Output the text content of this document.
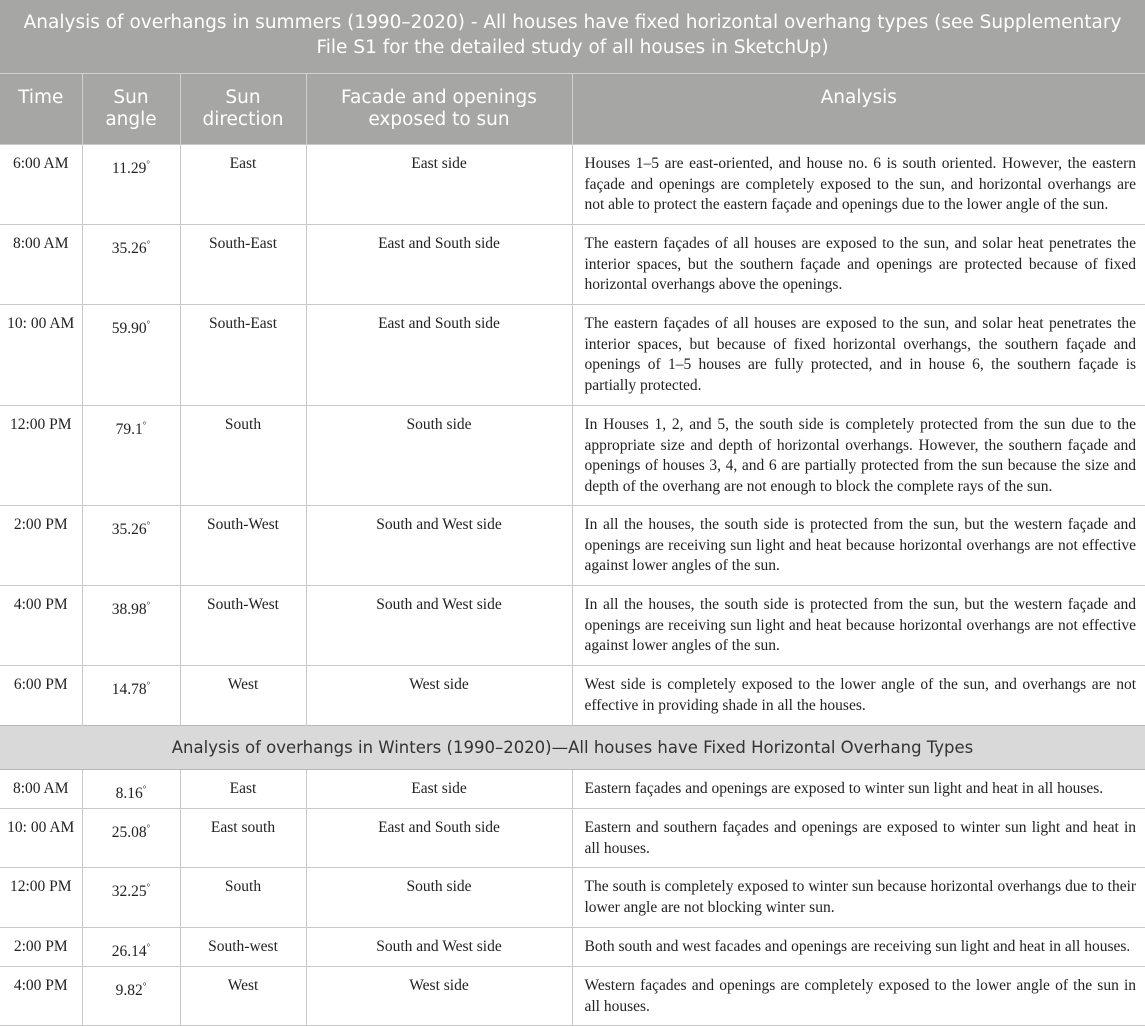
Analysis of overhangs in summers (1990–2020) - All houses have fixed horizontal overhang types (see Supplementary File S1 for the detailed study of all houses in SketchUp)				
Time	Sun angle	Sun direction	Facade and openings exposed to sun	Analysis
6:00 AM	11.29°	East	East side	Houses 1–5 are east-oriented, and house no. 6 is south oriented. However, the eastern façade and openings are completely exposed to the sun, and horizontal overhangs are not able to protect the eastern façade and openings due to the lower angle of the sun.
8:00 AM	35.26°	South-East	East and South side	The eastern façades of all houses are exposed to the sun, and solar heat penetrates the interior spaces, but the southern façade and openings are protected because of fixed horizontal overhangs above the openings.
10: 00 AM	59.90°	South-East	East and South side	The eastern façades of all houses are exposed to the sun, and solar heat penetrates the interior spaces, but because of fixed horizontal overhangs, the southern façade and openings of 1–5 houses are fully protected, and in house 6, the southern façade is partially protected.
12:00 PM	79.1°	South	South side	In Houses 1, 2, and 5, the south side is completely protected from the sun due to the appropriate size and depth of horizontal overhangs. However, the southern façade and openings of houses 3, 4, and 6 are partially protected from the sun because the size and depth of the overhang are not enough to block the complete rays of the sun.
2:00 PM	35.26°	South-West	South and West side	In all the houses, the south side is protected from the sun, but the western façade and openings are receiving sun light and heat because horizontal overhangs are not effective against lower angles of the sun.
4:00 PM	38.98°	South-West	South and West side	In all the houses, the south side is protected from the sun, but the western façade and openings are receiving sun light and heat because horizontal overhangs are not effective against lower angles of the sun.
6:00 PM	14.78°	West	West side	West side is completely exposed to the lower angle of the sun, and overhangs are not effective in providing shade in all the houses.
Analysis of overhangs in Winters (1990–2020)—All houses have Fixed Horizontal Overhang Types				
8:00 AM	8.16°	East	East side	Eastern façades and openings are exposed to winter sun light and heat in all houses.
10: 00 AM	25.08°	East south	East and South side	Eastern and southern façades and openings are exposed to winter sun light and heat in all houses.
12:00 PM	32.25°	South	South side	The south is completely exposed to winter sun because horizontal overhangs due to their lower angle are not blocking winter sun.
2:00 PM	26.14°	South-west	South and West side	Both south and west facades and openings are receiving sun light and heat in all houses.
4:00 PM	9.82°	West	West side	Western façades and openings are completely exposed to the lower angle of the sun in all houses.
